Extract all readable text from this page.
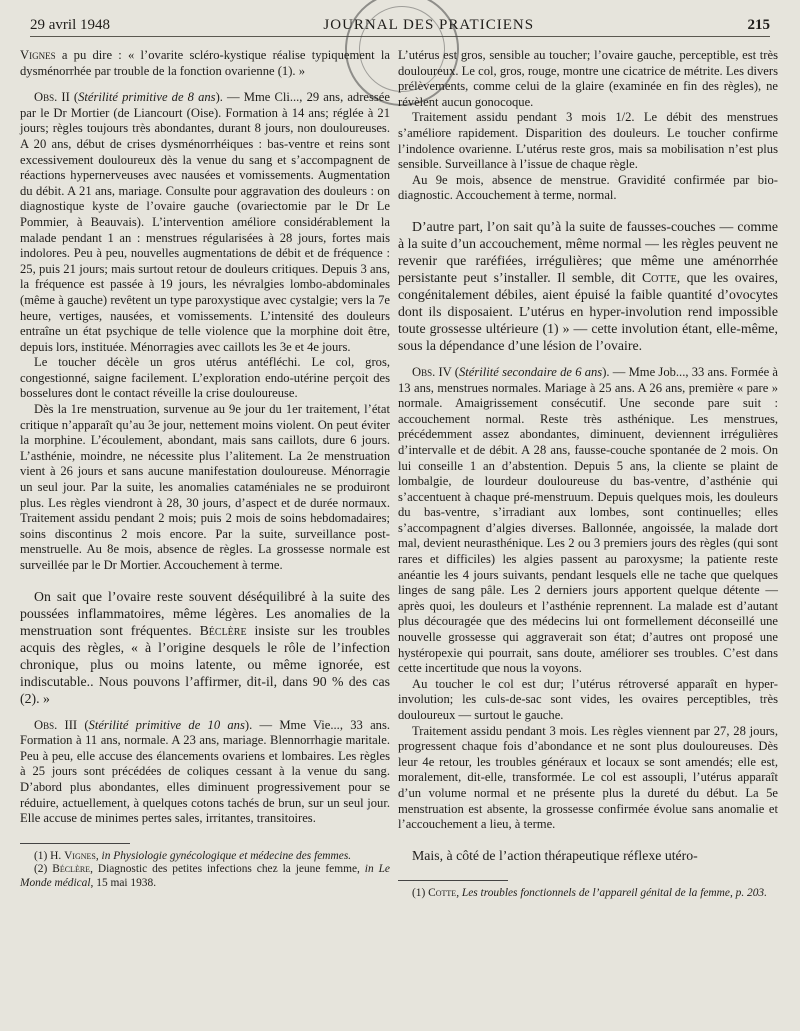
29 avril 1948	JOURNAL DES PRATICIENS	215

Vignes a pu dire : « l’ovarite scléro-kystique réalise typiquement la dysménorrhée par trouble de la fonction ovarienne (1). »

Obs. II (Stérilité primitive de 8 ans). — Mme Cli..., 29 ans, adressée par le Dr Mortier (de Liancourt (Oise). Formation à 14 ans; réglée à 21 jours; règles toujours très abondantes, durant 8 jours, non douloureuses. A 20 ans, début de crises dysménorrhéiques : bas-ventre et reins sont excessivement douloureux dès la venue du sang et s’accompagnent de réactions hypernerveuses avec nausées et vomissements. Augmentation du débit. A 21 ans, mariage. Consulte pour aggravation des douleurs : on diagnostique kyste de l’ovaire gauche (ovariectomie par le Dr Le Pommier, à Beauvais). L’intervention améliore considérablement la malade pendant 1 an : menstrues régularisées à 28 jours, fortes mais indolores. Peu à peu, nouvelles augmentations de débit et de fréquence : 25, puis 21 jours; mais surtout retour de douleurs critiques. Depuis 3 ans, la fréquence est passée à 19 jours, les névralgies lombo-abdominales (même à gauche) revêtent un type paroxystique avec cystalgie; vers la 7e heure, vertiges, nausées, et vomissements. L’intensité des douleurs entraîne un état psychique de telle violence que la morphine doit être, depuis lors, instituée. Ménorragies avec caillots les 3e et 4e jours.

Le toucher décèle un gros utérus antéfléchi. Le col, gros, congestionné, saigne facilement. L’exploration endo-utérine perçoit des bosselures dont le contact réveille la crise douloureuse.

Dès la 1re menstruation, survenue au 9e jour du 1er traitement, l’état critique n’apparaît qu’au 3e jour, nettement moins violent. On peut éviter la morphine. L’écoulement, abondant, mais sans caillots, dure 6 jours. L’asthénie, moindre, ne nécessite plus l’alitement. La 2e menstruation vient à 26 jours et sans aucune manifestation douloureuse. Ménorragie un seul jour. Par la suite, les anomalies cataméniales ne se produiront plus. Les règles viendront à 28, 30 jours, d’aspect et de durée normaux. Traitement assidu pendant 2 mois; puis 2 mois de soins hebdomadaires; soins discontinus 2 mois encore. Par la suite, surveillance post-menstruelle. Au 8e mois, absence de règles. La grossesse normale est surveillée par le Dr Mortier. Accouchement à terme.

On sait que l’ovaire reste souvent déséquilibré à la suite des poussées inflammatoires, même légères. Les anomalies de la menstruation sont fréquentes. Béclère insiste sur les troubles acquis des règles, « à l’origine desquels le rôle de l’infection chronique, plus ou moins latente, ou même ignorée, est indiscutable.. Nous pouvons l’affirmer, dit-il, dans 90 % des cas (2). »

Obs. III (Stérilité primitive de 10 ans). — Mme Vie..., 33 ans. Formation à 11 ans, normale. A 23 ans, mariage. Blennorrhagie maritale. Peu à peu, elle accuse des élancements ovariens et lombaires. Les règles à 25 jours sont précédées de coliques cessant à la venue du sang. D’abord plus abondantes, elles diminuent progressivement pour se réduire, actuellement, à quelques cotons tachés de brun, sur un seul jour. Elle accuse de minimes pertes sales, irritantes, transitoires.

(1) H. Vignes, in Physiologie gynécologique et médecine des femmes.

(2) Béclère, Diagnostic des petites infections chez la jeune femme, in Le Monde médical, 15 mai 1938.

L’utérus est gros, sensible au toucher; l’ovaire gauche, perceptible, est très douloureux. Le col, gros, rouge, montre une cicatrice de métrite. Les divers prélèvements, comme celui de la glaire (examinée en fin des règles), ne révèlent aucun gonocoque.

Traitement assidu pendant 3 mois 1/2. Le débit des menstrues s’améliore rapidement. Disparition des douleurs. Le toucher confirme l’indolence ovarienne. L’utérus reste gros, mais sa mobilisation n’est plus sensible. Surveillance à l’issue de chaque règle.

Au 9e mois, absence de menstrue. Gravidité confirmée par bio-diagnostic. Accouchement à terme, normal.

D’autre part, l’on sait qu’à la suite de fausses-couches — comme à la suite d’un accouchement, même normal — les règles peuvent ne revenir que raréfiées, irrégulières; que même une aménorrhée persistante peut s’installer. Il semble, dit Cotte, que les ovaires, congénitalement débiles, aient épuisé la faible quantité d’ovocytes dont ils disposaient. L’utérus en hyper-involution rend impossible toute grossesse ultérieure (1) » — cette involution étant, elle-même, sous la dépendance d’une lésion de l’ovaire.

Obs. IV (Stérilité secondaire de 6 ans). — Mme Job..., 33 ans. Formée à 13 ans, menstrues normales. Mariage à 25 ans. A 26 ans, première « pare » normale. Amaigrissement consécutif. Une seconde pare suit : accouchement normal. Reste très asthénique. Les menstrues, précédemment assez abondantes, diminuent, deviennent irrégulières d’intervalle et de débit. A 28 ans, fausse-couche spontanée de 2 mois. On lui conseille 1 an d’abstention. Depuis 5 ans, la cliente se plaint de lombalgie, de lourdeur douloureuse du bas-ventre, d’asthénie qui s’accentuent à chaque pré-menstruum. Depuis quelques mois, les douleurs du bas-ventre, s’irradiant aux lombes, sont continuelles; elles s’accompagnent d’algies diverses. Ballonnée, angoissée, la malade dort mal, devient neurasthénique. Les 2 ou 3 premiers jours des règles (qui sont rares et difficiles) les algies passent au paroxysme; la patiente reste anéantie les 4 jours suivants, pendant lesquels elle ne tache que quelques linges de sang pâle. Les 2 derniers jours apportent quelque détente — après quoi, les douleurs et l’asthénie reprennent. La malade est d’autant plus découragée que des médecins lui ont formellement déconseillé une nouvelle grossesse qui aggraverait son état; d’autres ont proposé une hystéropexie qui pourrait, sans doute, améliorer ses troubles. C’est dans cette incertitude que nous la voyons.

Au toucher le col est dur; l’utérus rétroversé apparaît en hyper-involution; les culs-de-sac sont vides, les ovaires perceptibles, très douloureux — surtout le gauche.

Traitement assidu pendant 3 mois. Les règles viennent par 27, 28 jours, progressent chaque fois d’abondance et ne sont plus douloureuses. Dès leur 4e retour, les troubles généraux et locaux se sont amendés; elle est, moralement, dit-elle, transformée. Le col est assoupli, l’utérus apparaît d’un volume normal et ne présente plus la dureté du début. La 5e menstruation est absente, la grossesse confirmée évolue sans anomalie et l’accouchement a lieu, à terme.

Mais, à côté de l’action thérapeutique réflexe utéro-

(1) Cotte, Les troubles fonctionnels de l’appareil génital de la femme, p. 203.
